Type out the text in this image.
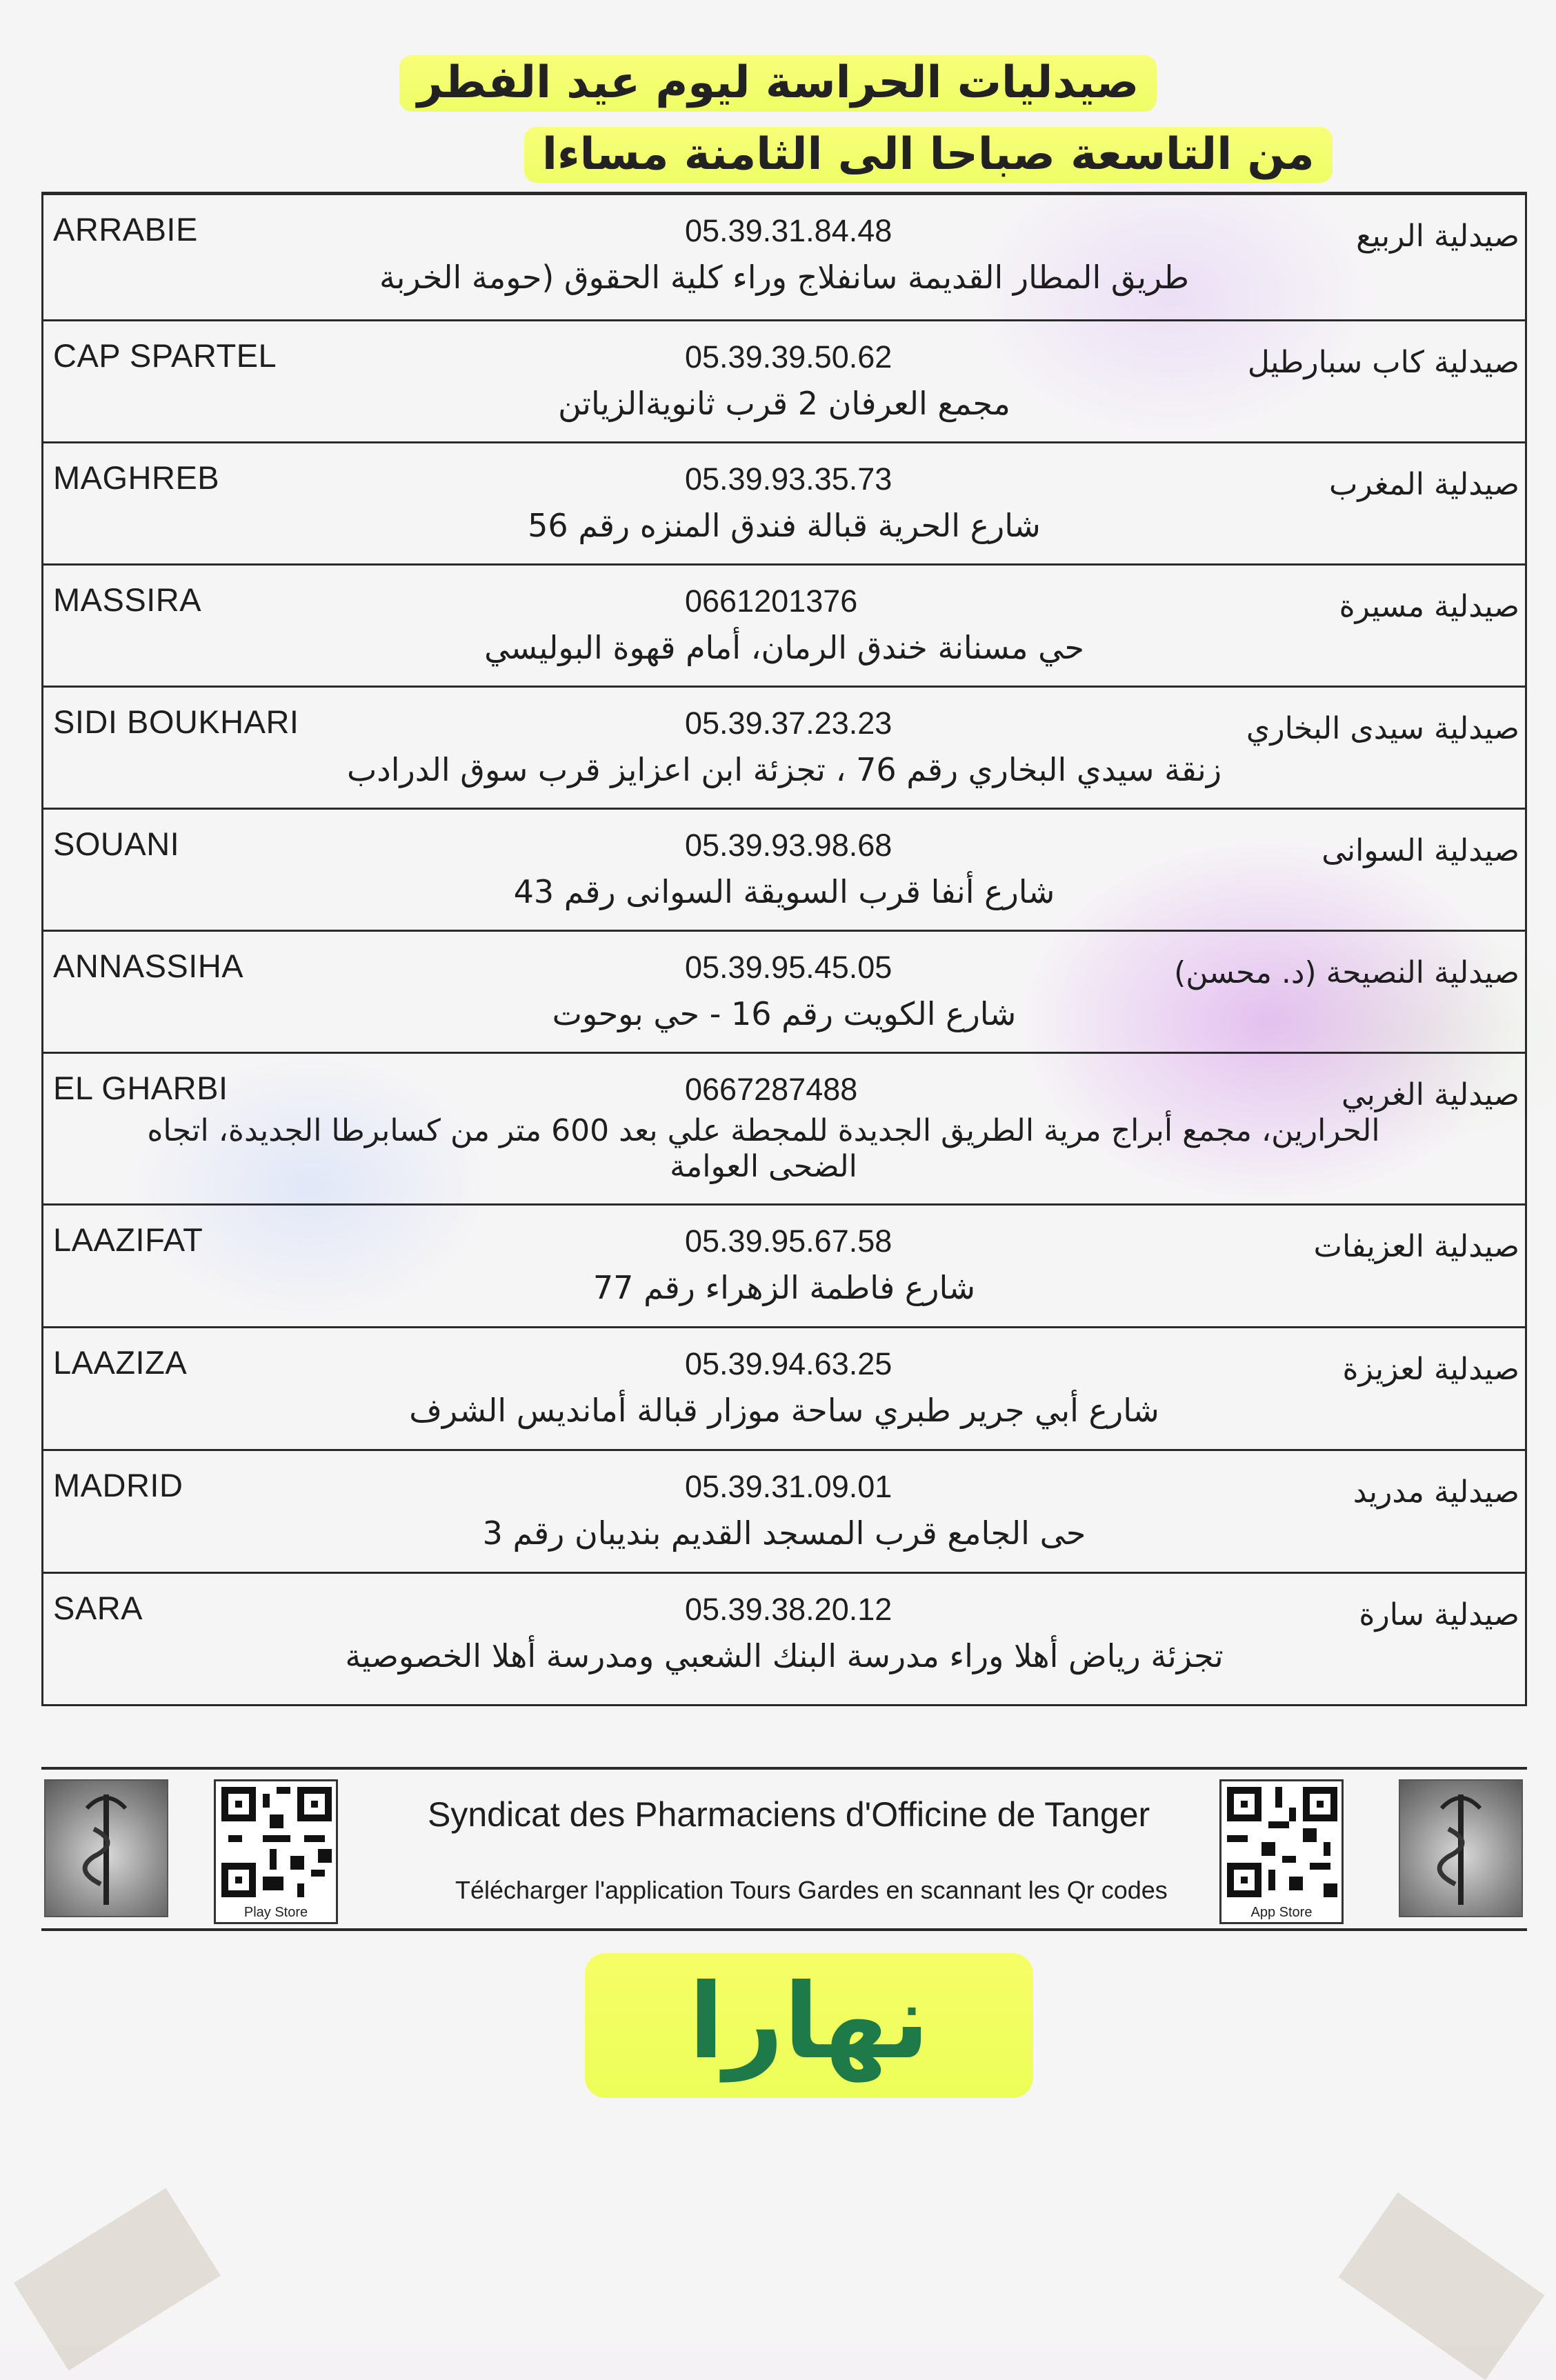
صيدليات الحراسة ليوم عيد الفطر
من التاسعة صباحا الى الثامنة مساءا
ARRABIE	05.39.31.84.48	صيدلية الربيع
طريق المطار القديمة سانفلاج وراء كلية الحقوق (حومة الخربة
CAP SPARTEL	05.39.39.50.62	صيدلية كاب سبارطيل
مجمع العرفان 2 قرب ثانويةالزياتن
MAGHREB	05.39.93.35.73	صيدلية المغرب
شارع الحرية قبالة فندق المنزه رقم 56
MASSIRA	0661201376	صيدلية مسيرة
حي مسنانة خندق الرمان، أمام قهوة البوليسي
SIDI BOUKHARI	05.39.37.23.23	صيدلية سيدى البخاري
زنقة سيدي البخاري رقم 76 ، تجزئة ابن اعزايز قرب سوق الدرادب
SOUANI	05.39.93.98.68	صيدلية السوانى
شارع أنفا قرب السويقة السوانى رقم 43
ANNASSIHA	05.39.95.45.05	صيدلية النصيحة (د. محسن)
شارع الكويت رقم 16 - حي بوحوت
EL GHARBI	0667287488	صيدلية الغربي
الحرارين، مجمع أبراج مرية الطريق الجديدة للمجطة علي بعد 600 متر من كسابرطا الجديدة، اتجاه الضحى العوامة
LAAZIFAT	05.39.95.67.58	صيدلية العزيفات
شارع فاطمة الزهراء رقم 77
LAAZIZA	05.39.94.63.25	صيدلية لعزيزة
شارع أبي جرير طبري ساحة موزار قبالة أمانديس الشرف
MADRID	05.39.31.09.01	صيدلية مدريد
حى الجامع قرب المسجد القديم بنديبان رقم 3
SARA	05.39.38.20.12	صيدلية سارة
تجزئة رياض أهلا وراء مدرسة البنك الشعبي ومدرسة أهلا الخصوصية
Play Store
Syndicat des Pharmaciens d'Officine de Tanger
Télécharger l'application Tours Gardes en scannant les Qr codes
App Store
نهارا
